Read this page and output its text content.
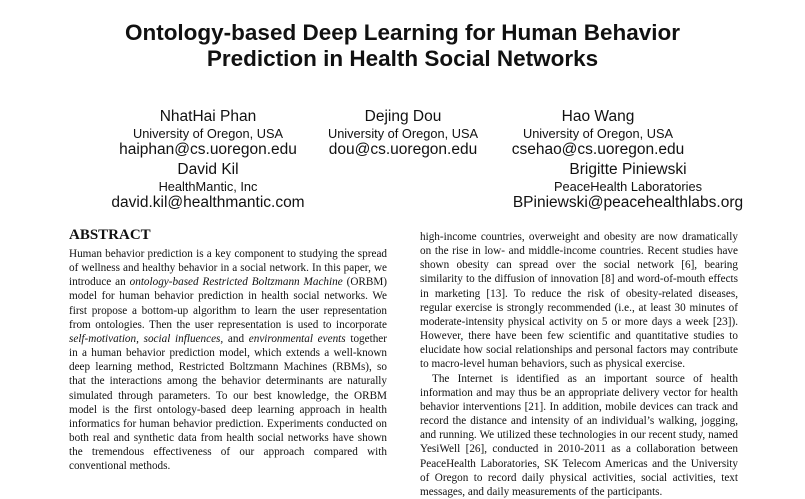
Ontology-based Deep Learning for Human Behavior
Prediction in Health Social Networks
NhatHai Phan
University of Oregon, USA
haiphan@cs.uoregon.edu
Dejing Dou
University of Oregon, USA
dou@cs.uoregon.edu
Hao Wang
University of Oregon, USA
csehao@cs.uoregon.edu
David Kil
HealthMantic, Inc
david.kil@healthmantic.com
Brigitte Piniewski
PeaceHealth Laboratories
BPiniewski@peacehealthlabs.org
ABSTRACT

Human behavior prediction is a key component to studying the spread of wellness and healthy behavior in a social network. In this paper, we introduce an ontology-based Restricted Boltzmann Machine (ORBM) model for human behavior prediction in health social networks. We first propose a bottom-up algorithm to learn the user representation from ontologies. Then the user representation is used to incorporate self-motivation, social influences, and environmental events together in a human behavior prediction model, which extends a well-known deep learning method, Restricted Boltzmann Machines (RBMs), so that the interactions among the behavior determinants are naturally simulated through parameters. To our best knowledge, the ORBM model is the first ontology-based deep learning approach in health informatics for human behavior prediction. Experiments conducted on both real and synthetic data from health social networks have shown the tremendous effectiveness of our approach compared with conventional methods.

high-income countries, overweight and obesity are now dramatically on the rise in low- and middle-income countries. Recent studies have shown obesity can spread over the social network [6], bearing similarity to the diffusion of innovation [8] and word-of-mouth effects in marketing [13]. To reduce the risk of obesity-related diseases, regular exercise is strongly recommended (i.e., at least 30 minutes of moderate-intensity physical activity on 5 or more days a week [23]). However, there have been few scientific and quantitative studies to elucidate how social relationships and personal factors may contribute to macro-level human behaviors, such as physical exercise.

The Internet is identified as an important source of health information and may thus be an appropriate delivery vector for health behavior interventions [21]. In addition, mobile devices can track and record the distance and intensity of an individual’s walking, jogging, and running. We utilized these technologies in our recent study, named YesiWell [26], conducted in 2010-2011 as a collaboration between PeaceHealth Laboratories, SK Telecom Americas and the University of Oregon to record daily physical activities, social activities, text messages, and daily measurements of the participants.
